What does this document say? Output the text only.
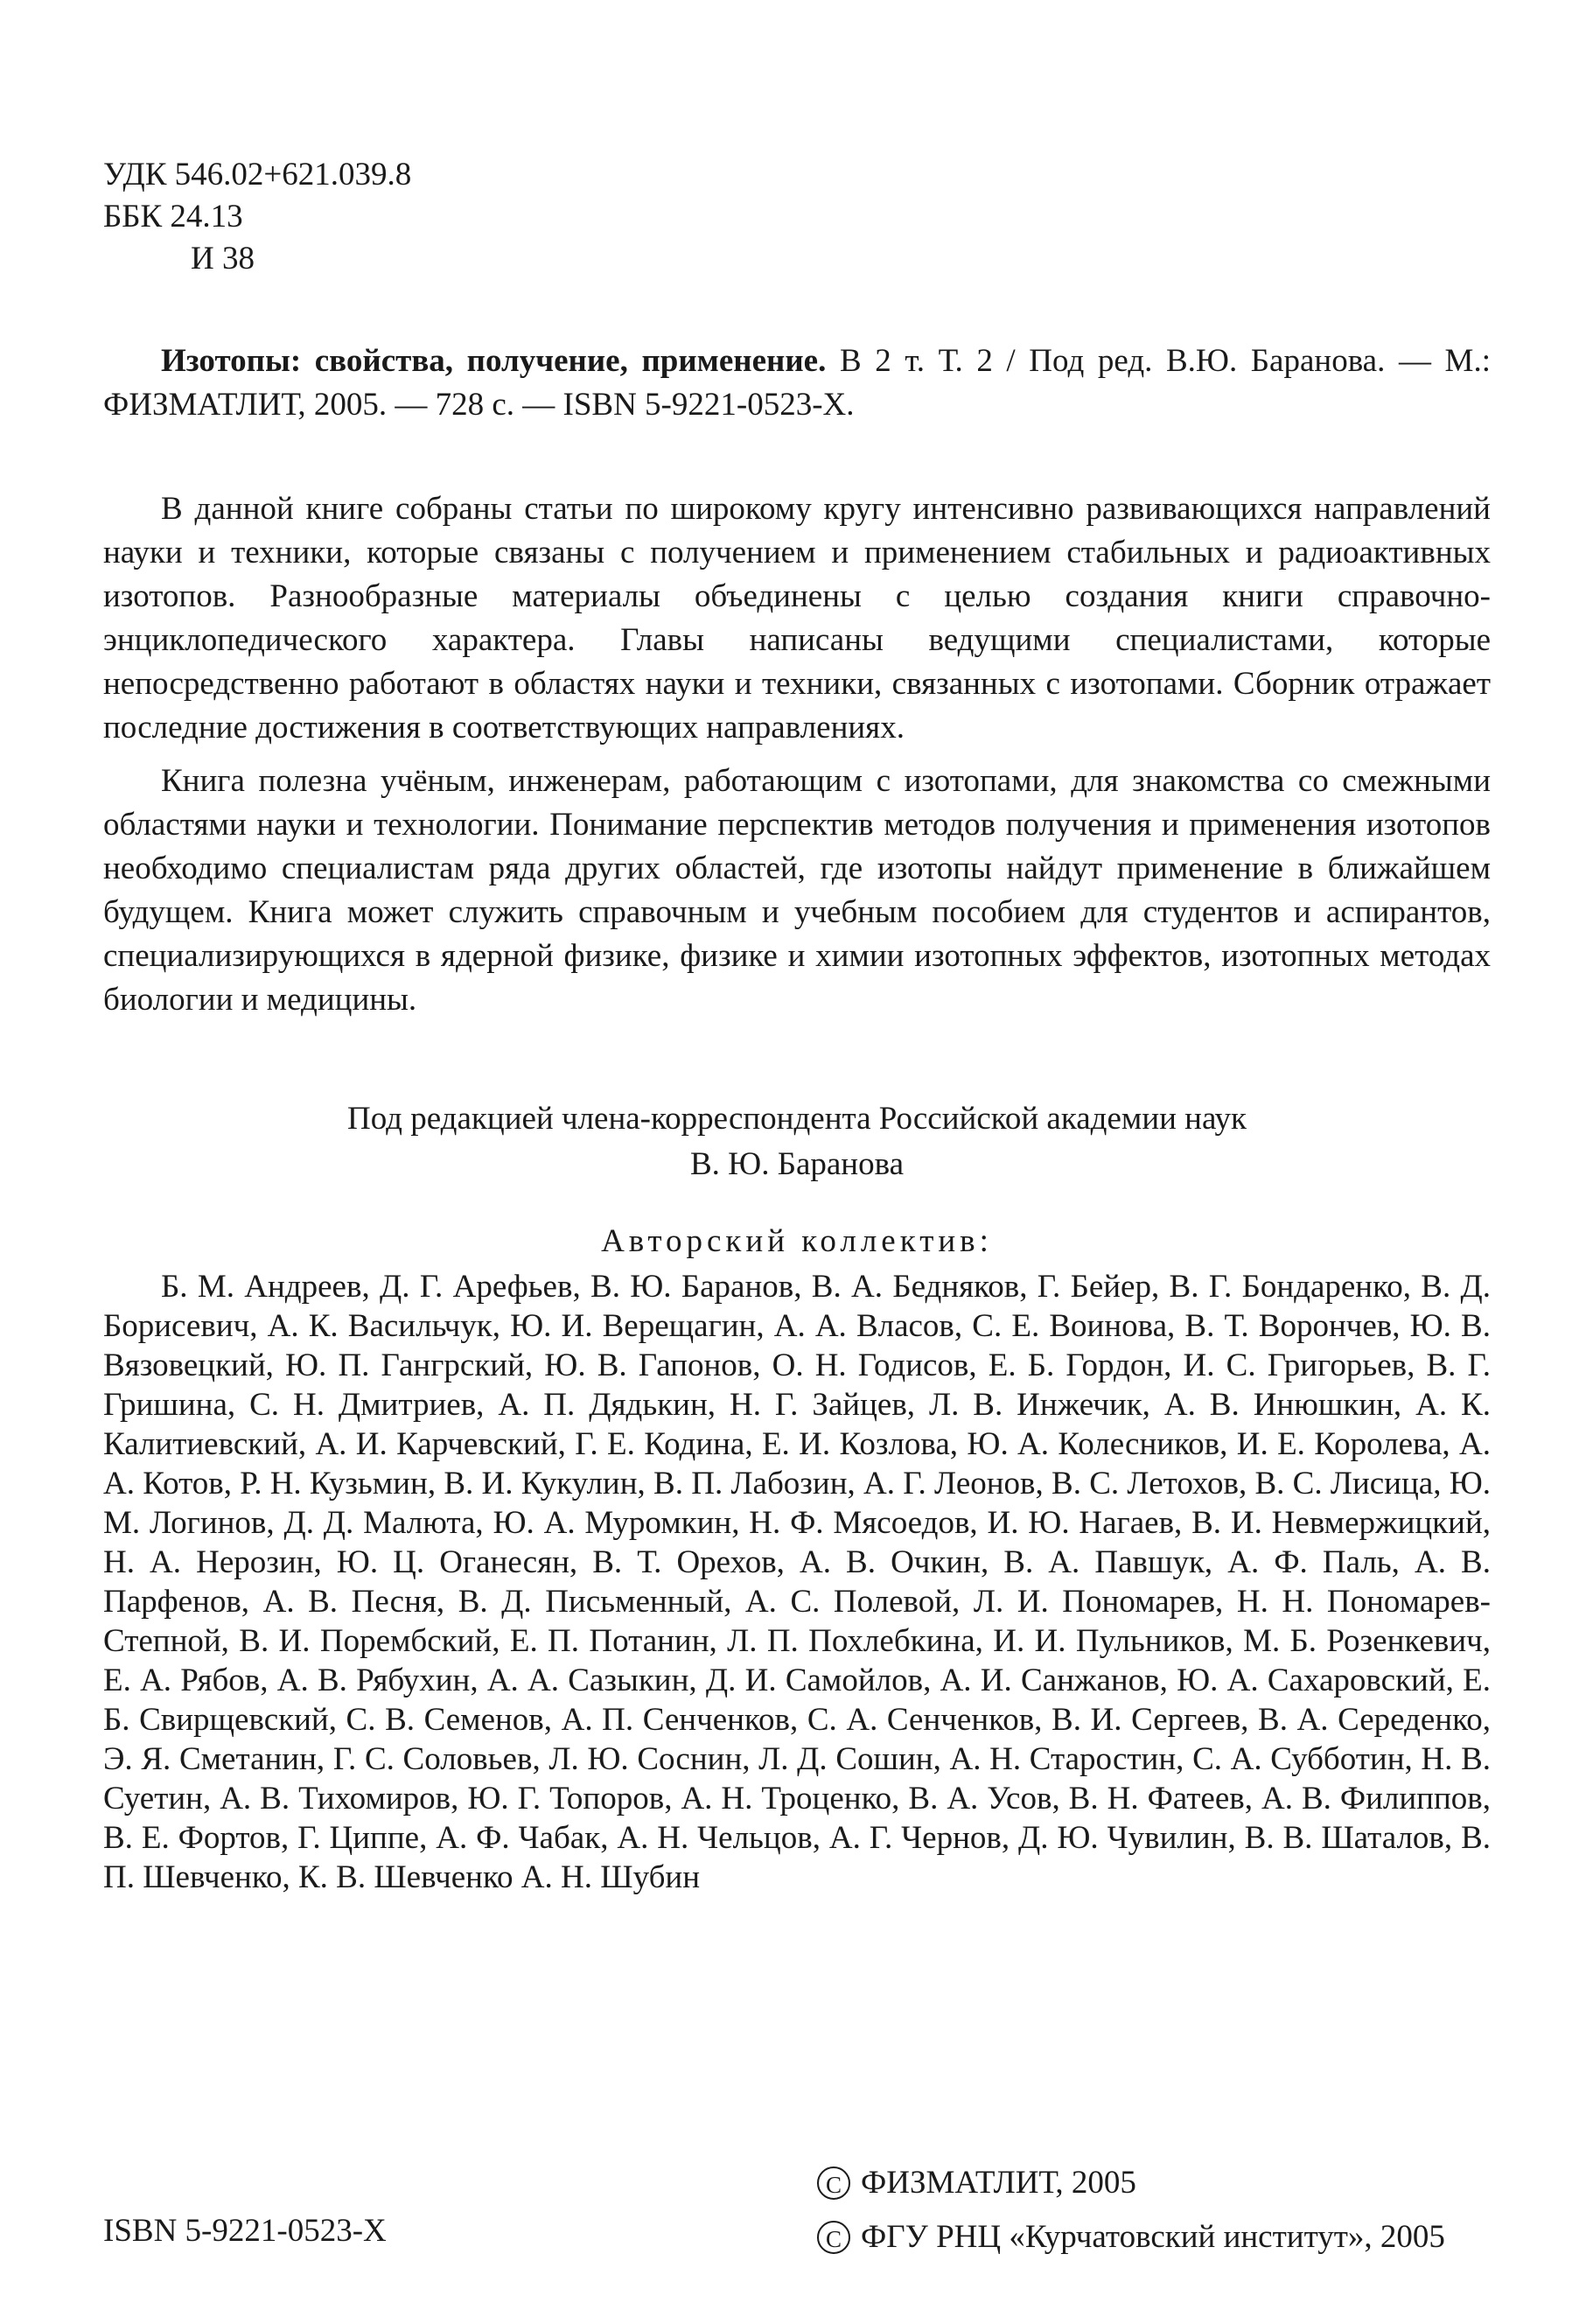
УДК 546.02+621.039.8
ББК 24.13
И 38

Изотопы: свойства, получение, применение. В 2 т. Т. 2 / Под ред. В.Ю. Баранова. — М.: ФИЗМАТЛИТ, 2005. — 728 с. — ISBN 5-9221-0523-X.

В данной книге собраны статьи по широкому кругу интенсивно развивающихся направлений науки и техники, которые связаны с получением и применением стабильных и радиоактивных изотопов. Разнообразные материалы объединены с целью создания книги справочно-энциклопедического характера. Главы написаны ведущими специалистами, которые непосредственно работают в областях науки и техники, связанных с изотопами. Сборник отражает последние достижения в соответствующих направлениях.

Книга полезна учёным, инженерам, работающим с изотопами, для знакомства со смежными областями науки и технологии. Понимание перспектив методов получения и применения изотопов необходимо специалистам ряда других областей, где изотопы найдут применение в ближайшем будущем. Книга может служить справочным и учебным пособием для студентов и аспирантов, специализирующихся в ядерной физике, физике и химии изотопных эффектов, изотопных методах биологии и медицины.

Под редакцией члена-корреспондента Российской академии наук
В. Ю. Баранова
Авторский коллектив:

Б. М. Андреев, Д. Г. Арефьев, В. Ю. Баранов, В. А. Бедняков, Г. Бейер, В. Г. Бондаренко, В. Д. Борисевич, А. К. Васильчук, Ю. И. Верещагин, А. А. Власов, С. Е. Воинова, В. Т. Ворончев, Ю. В. Вязовецкий, Ю. П. Гангрский, Ю. В. Гапонов, О. Н. Годисов, Е. Б. Гордон, И. С. Григорьев, В. Г. Гришина, С. Н. Дмитриев, А. П. Дядькин, Н. Г. Зайцев, Л. В. Инжечик, А. В. Инюшкин, А. К. Калитиевский, А. И. Карчевский, Г. Е. Кодина, Е. И. Козлова, Ю. А. Колесников, И. Е. Королева, А. А. Котов, Р. Н. Кузьмин, В. И. Кукулин, В. П. Лабозин, А. Г. Леонов, В. С. Летохов, В. С. Лисица, Ю. М. Логинов, Д. Д. Малюта, Ю. А. Муромкин, Н. Ф. Мясоедов, И. Ю. Нагаев, В. И. Невмержицкий, Н. А. Нерозин, Ю. Ц. Оганесян, В. Т. Орехов, А. В. Очкин, В. А. Павшук, А. Ф. Паль, А. В. Парфенов, А. В. Песня, В. Д. Письменный, А. С. Полевой, Л. И. Пономарев, Н. Н. Пономарев-Степной, В. И. Порембский, Е. П. Потанин, Л. П. Похлебкина, И. И. Пульников, М. Б. Розенкевич, Е. А. Рябов, А. В. Рябухин, А. А. Сазыкин, Д. И. Самойлов, А. И. Санжанов, Ю. А. Сахаровский, Е. Б. Свирщевский, С. В. Семенов, А. П. Сенченков, С. А. Сенченков, В. И. Сергеев, В. А. Середенко, Э. Я. Сметанин, Г. С. Соловьев, Л. Ю. Соснин, Л. Д. Сошин, А. Н. Старостин, С. А. Субботин, Н. В. Суетин, А. В. Тихомиров, Ю. Г. Топоров, А. Н. Троценко, В. А. Усов, В. Н. Фатеев, А. В. Филиппов, В. Е. Фортов, Г. Циппе, А. Ф. Чабак, А. Н. Чельцов, А. Г. Чернов, Д. Ю. Чувилин, В. В. Шаталов, В. П. Шевченко, К. В. Шевченко А. Н. Шубин

ISBN 5-9221-0523-X
C ФИЗМАТЛИТ, 2005
C ФГУ РНЦ «Курчатовский институт», 2005
